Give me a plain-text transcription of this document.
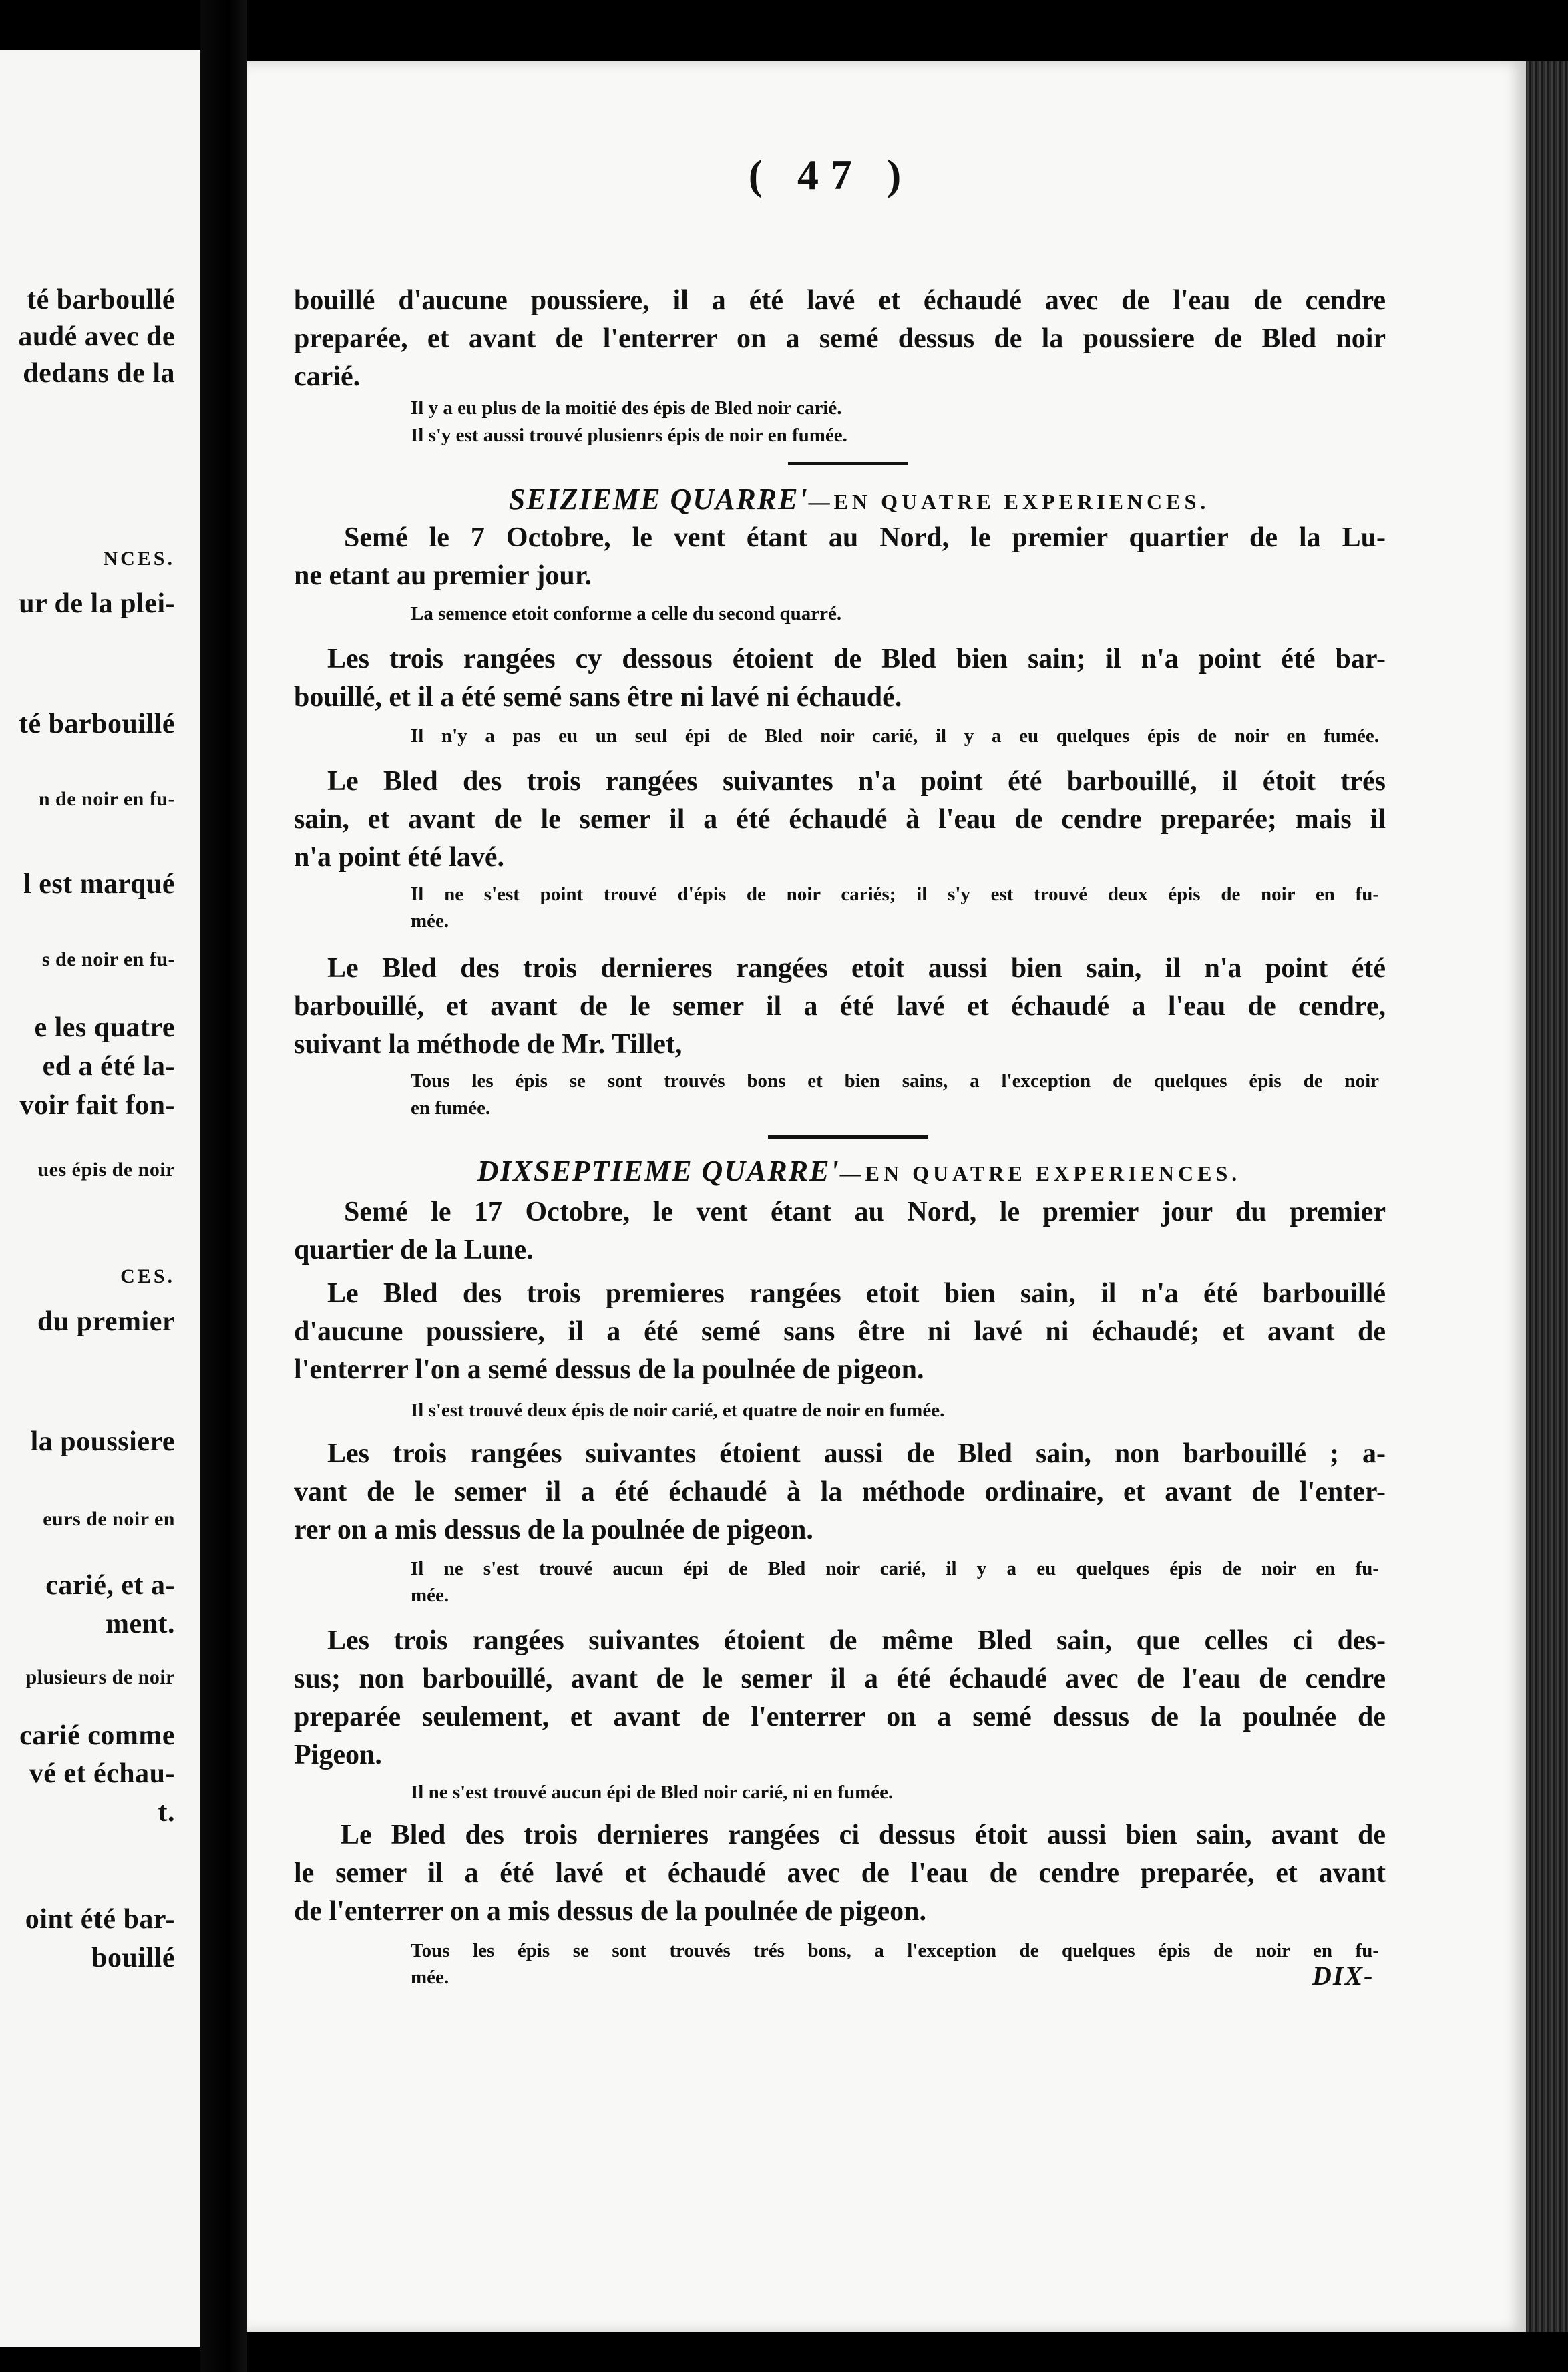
té barboullé
audé avec de
dedans de la
NCES.
ur de la plei-
té barbouillé
n de noir en fu-
l est marqué
s de noir en fu-
e les quatre
ed a été la-
voir fait fon-
ues épis de noir
CES.
du premier
la poussiere
eurs de noir en
carié, et a-
ment.
plusieurs de noir
carié comme
vé et échau-
t.
oint été bar-
bouillé
( 47 )
bouillé d'aucune poussiere, il a été lavé et échaudé avec de l'eau de cendre
preparée, et avant de l'enterrer on a semé dessus de la poussiere de Bled noir
carié.
Il y a eu plus de la moitié des épis de Bled noir carié.
Il s'y est aussi trouvé plusienrs épis de noir en fumée.
SEIZIEME QUARRE'—EN QUATRE EXPERIENCES.
Semé le 7 Octobre, le vent étant au Nord, le premier quartier de la Lu-
ne etant au premier jour.
La semence etoit conforme a celle du second quarré.
Les trois rangées cy dessous étoient de Bled bien sain; il n'a point été bar-
bouillé, et il a été semé sans être ni lavé ni échaudé.
Il n'y a pas eu un seul épi de Bled noir carié, il y a eu quelques épis de noir en fumée.
Le Bled des trois rangées suivantes n'a point été barbouillé, il étoit trés
sain, et avant de le semer il a été échaudé à l'eau de cendre preparée; mais il
n'a point été lavé.
Il ne s'est point trouvé d'épis de noir cariés; il s'y est trouvé deux épis de noir en fu-
mée.
Le Bled des trois dernieres rangées etoit aussi bien sain, il n'a point été
barbouillé, et avant de le semer il a été lavé et échaudé a l'eau de cendre,
suivant la méthode de Mr. Tillet,
Tous les épis se sont trouvés bons et bien sains, a l'exception de quelques épis de noir
en fumée.
DIXSEPTIEME QUARRE'—EN QUATRE EXPERIENCES.
Semé le 17 Octobre, le vent étant au Nord, le premier jour du premier
quartier de la Lune.
Le Bled des trois premieres rangées etoit bien sain, il n'a été barbouillé
d'aucune poussiere, il a été semé sans être ni lavé ni échaudé; et avant de
l'enterrer l'on a semé dessus de la poulnée de pigeon.
Il s'est trouvé deux épis de noir carié, et quatre de noir en fumée.
Les trois rangées suivantes étoient aussi de Bled sain, non barbouillé ; a-
vant de le semer il a été échaudé à la méthode ordinaire, et avant de l'enter-
rer on a mis dessus de la poulnée de pigeon.
Il ne s'est trouvé aucun épi de Bled noir carié, il y a eu quelques épis de noir en fu-
mée.
Les trois rangées suivantes étoient de même Bled sain, que celles ci des-
sus; non barbouillé, avant de le semer il a été échaudé avec de l'eau de cendre
preparée seulement, et avant de l'enterrer on a semé dessus de la poulnée de
Pigeon.
Il ne s'est trouvé aucun épi de Bled noir carié, ni en fumée.
Le Bled des trois dernieres rangées ci dessus étoit aussi bien sain, avant de
le semer il a été lavé et échaudé avec de l'eau de cendre preparée, et avant
de l'enterrer on a mis dessus de la poulnée de pigeon.
Tous les épis se sont trouvés trés bons, a l'exception de quelques épis de noir en fu-
mée.	DIX-
